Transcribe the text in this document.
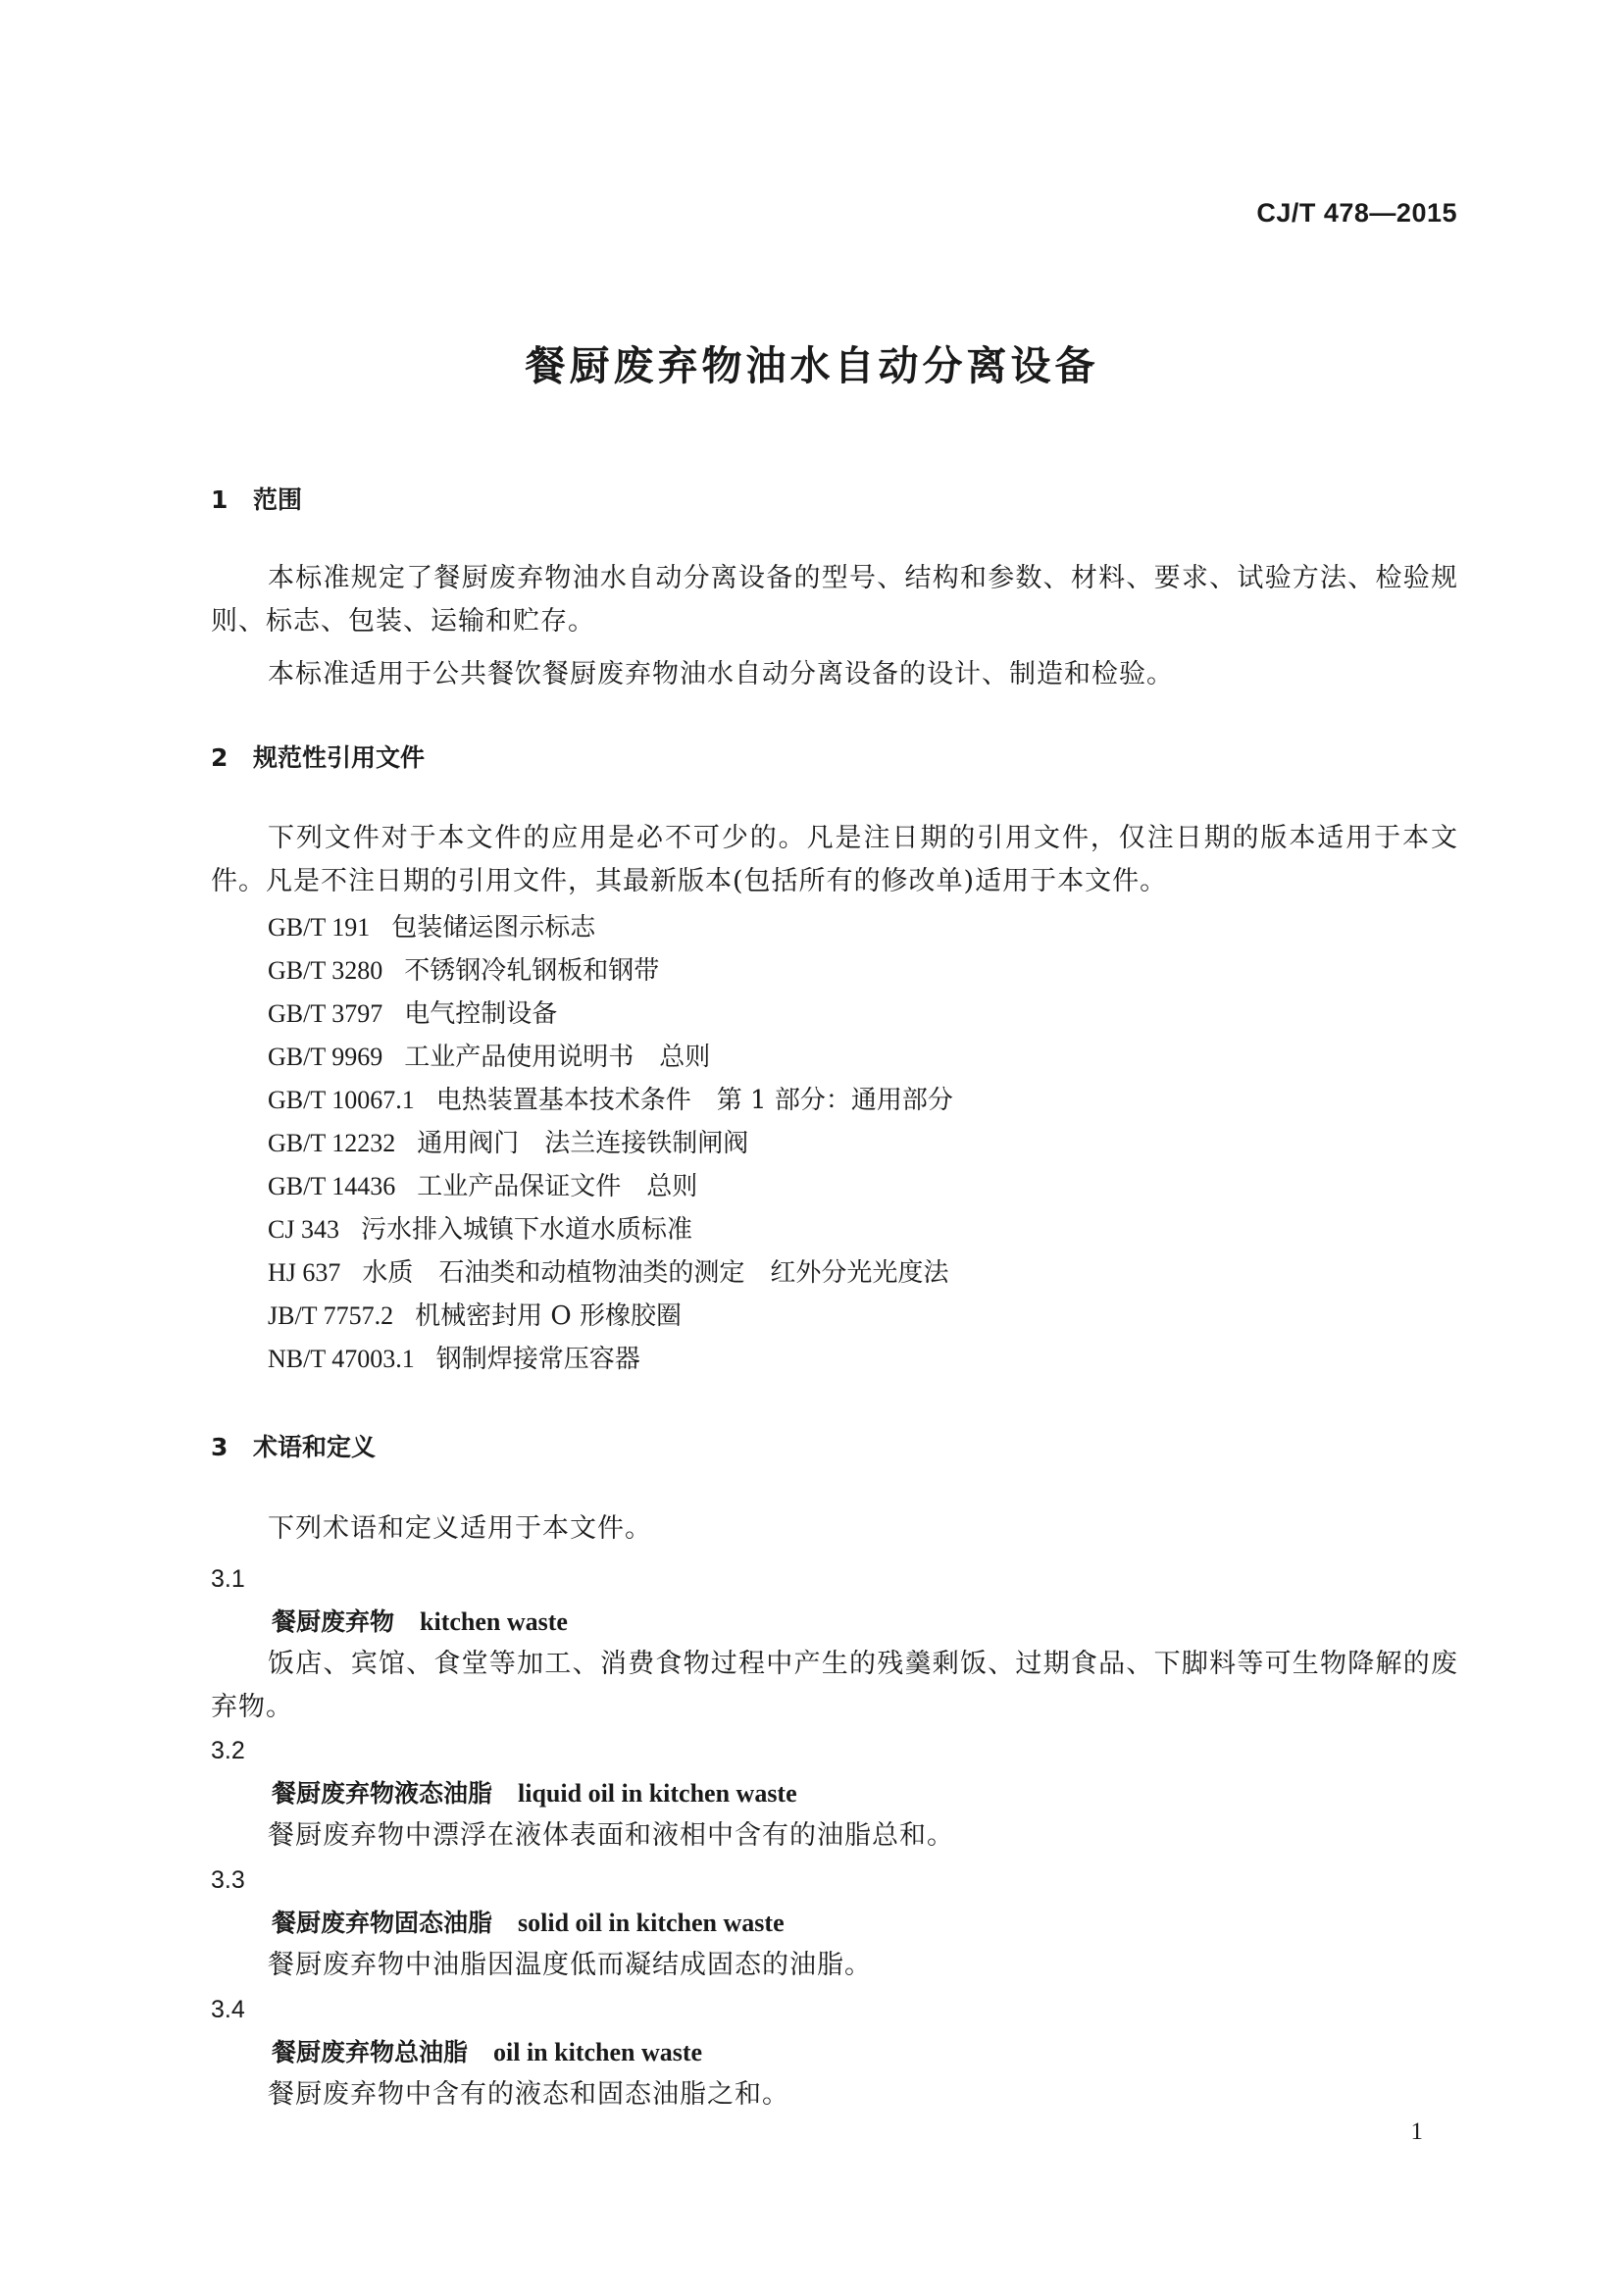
CJ/T 478—2015
餐厨废弃物油水自动分离设备
1 范围

本标准规定了餐厨废弃物油水自动分离设备的型号、结构和参数、材料、要求、试验方法、检验规则、标志、包装、运输和贮存。

本标准适用于公共餐饮餐厨废弃物油水自动分离设备的设计、制造和检验。

2 规范性引用文件

下列文件对于本文件的应用是必不可少的。凡是注日期的引用文件，仅注日期的版本适用于本文件。凡是不注日期的引用文件，其最新版本(包括所有的修改单)适用于本文件。

GB/T 191 包装储运图示标志
GB/T 3280 不锈钢冷轧钢板和钢带
GB/T 3797 电气控制设备
GB/T 9969 工业产品使用说明书　总则
GB/T 10067.1 电热装置基本技术条件　第 1 部分：通用部分
GB/T 12232 通用阀门　法兰连接铁制闸阀
GB/T 14436 工业产品保证文件　总则
CJ 343 污水排入城镇下水道水质标准
HJ 637 水质　石油类和动植物油类的测定　红外分光光度法
JB/T 7757.2 机械密封用 O 形橡胶圈
NB/T 47003.1 钢制焊接常压容器
3 术语和定义

下列术语和定义适用于本文件。

3.1
餐厨废弃物 kitchen waste

饭店、宾馆、食堂等加工、消费食物过程中产生的残羹剩饭、过期食品、下脚料等可生物降解的废弃物。

3.2
餐厨废弃物液态油脂 liquid oil in kitchen waste

餐厨废弃物中漂浮在液体表面和液相中含有的油脂总和。

3.3
餐厨废弃物固态油脂 solid oil in kitchen waste

餐厨废弃物中油脂因温度低而凝结成固态的油脂。

3.4
餐厨废弃物总油脂 oil in kitchen waste

餐厨废弃物中含有的液态和固态油脂之和。

1
